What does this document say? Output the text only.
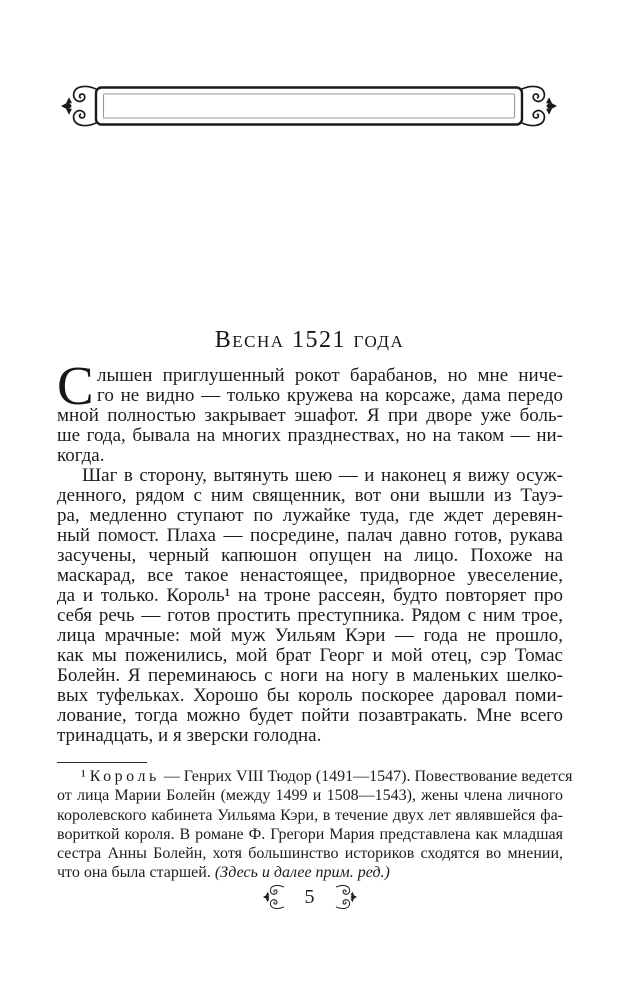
Весна 1521 года
С лышен приглушенный рокот барабанов, но мне ниче-
го не видно — только кружева на корсаже, дама передо
мной полностью закрывает эшафот. Я при дворе уже боль-
ше года, бывала на многих празднествах, но на таком — ни-
когда.
Шаг в сторону, вытянуть шею — и наконец я вижу осуж-
денного, рядом с ним священник, вот они вышли из Тауэ-
ра, медленно ступают по лужайке туда, где ждет деревян-
ный помост. Плаха — посредине, палач давно готов, рукава
засучены, черный капюшон опущен на лицо. Похоже на
маскарад, все такое ненастоящее, придворное увеселение,
да и только. Король¹ на троне рассеян, будто повторяет про
себя речь — готов простить преступника. Рядом с ним трое,
лица мрачные: мой муж Уильям Кэри — года не прошло,
как мы поженились, мой брат Георг и мой отец, сэр Томас
Болейн. Я переминаюсь с ноги на ногу в маленьких шелко-
вых туфельках. Хорошо бы король поскорее даровал поми-
лование, тогда можно будет пойти позавтракать. Мне всего
тринадцать, и я зверски голодна.
¹ Король — Генрих VIII Тюдор (1491—1547). Повествование ведется
от лица Марии Болейн (между 1499 и 1508—1543), жены члена личного
королевского кабинета Уильяма Кэри, в течение двух лет являвшейся фа-
вориткой короля. В романе Ф. Грегори Мария представлена как младшая
сестра Анны Болейн, хотя большинство историков сходятся во мнении,
что она была старшей. (Здесь и далее прим. ред.)
5
